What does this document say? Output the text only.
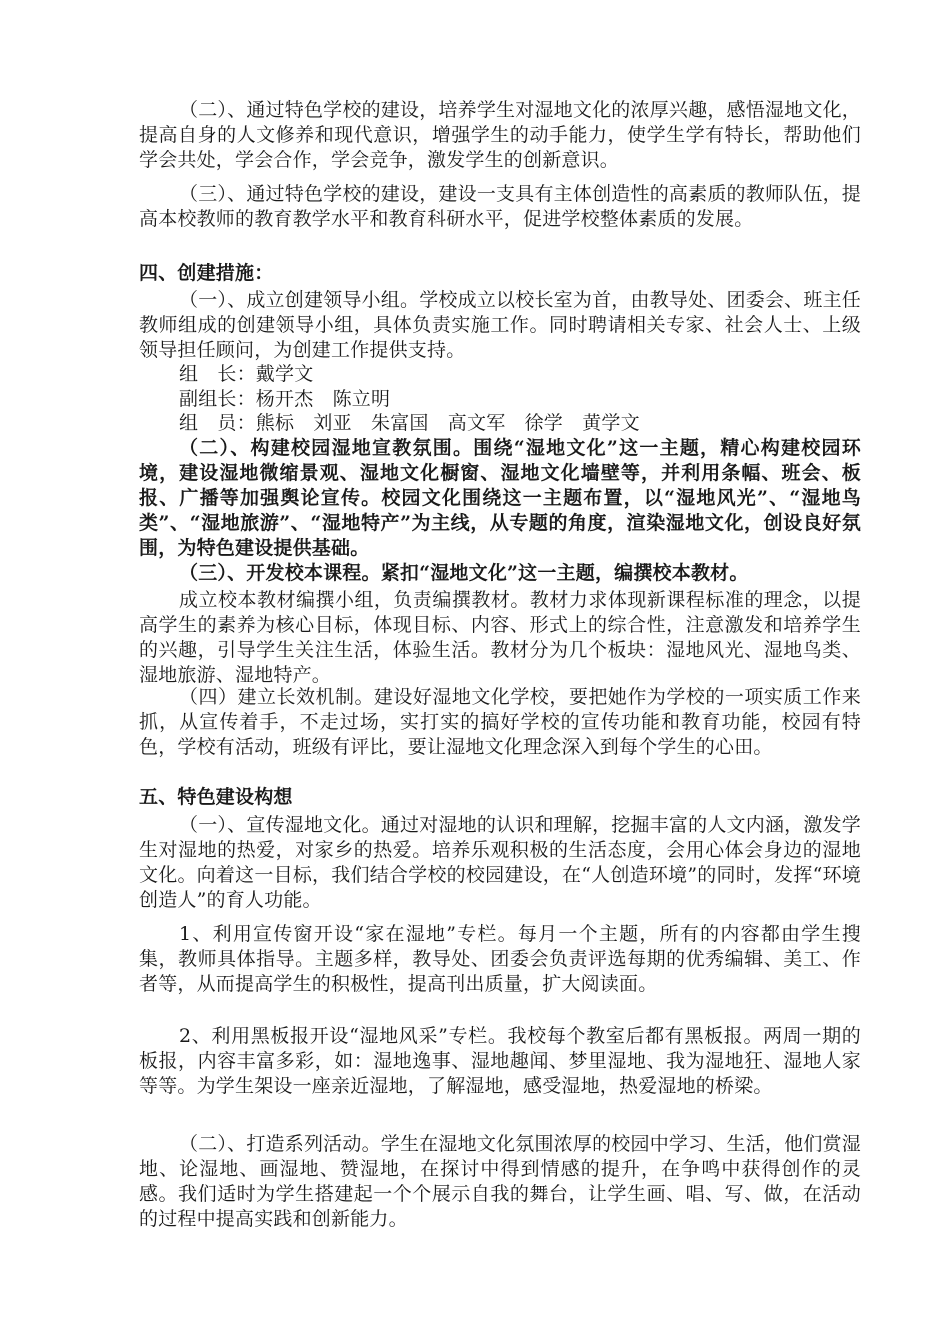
（二）、通过特色学校的建设，培养学生对湿地文化的浓厚兴趣，感悟湿地文化，提高自身的人文修养和现代意识，增强学生的动手能力，使学生学有特长，帮助他们学会共处，学会合作，学会竞争，激发学生的创新意识。

（三）、通过特色学校的建设，建设一支具有主体创造性的高素质的教师队伍，提高本校教师的教育教学水平和教育科研水平，促进学校整体素质的发展。

四、创建措施：

（一）、成立创建领导小组。学校成立以校长室为首，由教导处、团委会、班主任教师组成的创建领导小组，具体负责实施工作。同时聘请相关专家、社会人士、上级领导担任顾问，为创建工作提供支持。

组　长：戴学文

副组长：杨开杰　陈立明

组　员：熊标　刘亚　朱富国　高文军　徐学　黄学文

（二）、构建校园湿地宣教氛围。围绕“湿地文化”这一主题，精心构建校园环境，建设湿地微缩景观、湿地文化橱窗、湿地文化墙壁等，并利用条幅、班会、板报、广播等加强舆论宣传。校园文化围绕这一主题布置，以“湿地风光”、“湿地鸟类”、“湿地旅游”、“湿地特产”为主线，从专题的角度，渲染湿地文化，创设良好氛围，为特色建设提供基础。

（三）、开发校本课程。紧扣“湿地文化”这一主题，编撰校本教材。

成立校本教材编撰小组，负责编撰教材。教材力求体现新课程标准的理念，以提高学生的素养为核心目标，体现目标、内容、形式上的综合性，注意激发和培养学生的兴趣，引导学生关注生活，体验生活。教材分为几个板块：湿地风光、湿地鸟类、湿地旅游、湿地特产。

（四）建立长效机制。建设好湿地文化学校，要把她作为学校的一项实质工作来抓，从宣传着手，不走过场，实打实的搞好学校的宣传功能和教育功能，校园有特色，学校有活动，班级有评比，要让湿地文化理念深入到每个学生的心田。

五、特色建设构想

（一）、宣传湿地文化。通过对湿地的认识和理解，挖掘丰富的人文内涵，激发学生对湿地的热爱，对家乡的热爱。培养乐观积极的生活态度，会用心体会身边的湿地文化。向着这一目标，我们结合学校的校园建设，在“人创造环境”的同时，发挥“环境创造人”的育人功能。

1、利用宣传窗开设“家在湿地”专栏。每月一个主题，所有的内容都由学生搜集，教师具体指导。主题多样，教导处、团委会负责评选每期的优秀编辑、美工、作者等，从而提高学生的积极性，提高刊出质量，扩大阅读面。

2、利用黑板报开设“湿地风采”专栏。我校每个教室后都有黑板报。两周一期的板报，内容丰富多彩，如：湿地逸事、湿地趣闻、梦里湿地、我为湿地狂、湿地人家等等。为学生架设一座亲近湿地，了解湿地，感受湿地，热爱湿地的桥梁。

（二）、打造系列活动。学生在湿地文化氛围浓厚的校园中学习、生活，他们赏湿地、论湿地、画湿地、赞湿地，在探讨中得到情感的提升，在争鸣中获得创作的灵感。我们适时为学生搭建起一个个展示自我的舞台，让学生画、唱、写、做，在活动的过程中提高实践和创新能力。
